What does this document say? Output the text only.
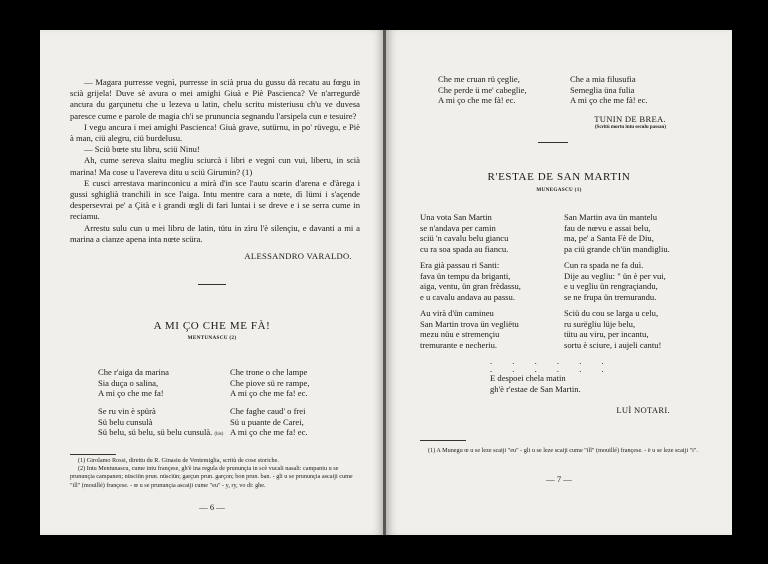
— Magara purresse vegnì, purresse in scià prua du gussu dà recatu au fœgu in scià grijela! Duve sè avura o mei amighi Giuà e Piè Pascienca? Ve n'arregurdè ancura du garçunetu che u lezeva u latin, chelu scritu misteriusu ch'u ve duvesa paresce cume e parole de magia ch'i se prununcia segnandu l'arsipela cun e tesuire?

I vegu ancura i mei amighi Pascienca! Giuà grave, sutürnu, in po' rüvegu, e Piè à man, ciü alegru, ciü burdelusu.

— Sciü bœte stu libru, sciü Ninu!

Ah, cume sereva slaitu megliu sciurcà i libri e vegnì cun vui, liberu, in scià marina! Ma cose u l'avereva ditu u sciü Girumin? (1)

E cusci arrestava marinconicu a mirà d'in sce l'autu scarin d'arena e d'àrega i gussi sghiglià tranchili in sce l'aiga. Intu mentre cara a nœte, dì lümi i s'açende despersevrai pe' a Çità e i grandi œgli di fari luntai i se dreve e i se serra cume in reciamu.

Arrestu sulu cun u mei libru de latin, tütu in zìru l'è silençiu, e davanti a mi a marina a cianze apena inta nœte scüra.

ALESSANDRO VARALDO.
A MI ÇO CHE ME FÀ!
MENTUNASCU (2)
Che r'aiga da marina
Sia duça o salina,
A mi ço che me fa!
Che trone o che lampe
Che piove sü re rampe,
A mi ço che me fa! ec.
Se ru vin è spürà
Sü belu cunsulà
Sü belu, sü belu, sü belu cunsulà. (bis)
Che faghe caud' o frei
Sü u puante de Carei,
A mi ço che me fa! ec.

(1) Girolamo Rossi, direttu du R. Ginasiu de Ventemiglia, scritù de cose storiche.

(2) Intu Mentunascu, cume intu françese, gh'è ina regula de prununçia in scè vucali nasali: campaniu u se prununçia campanen; nüsciün prun. nüsciün; garçun prun. garçon; bon prun. ban. - gli u se prununçia ascaiji cume "ill" (mouillé) françese. - œ u se prununçia ascaiji cume "eu" - y, ry, vo di: ghe.

— 6 —
Che me cruan rü çeglie,
Che perde ü me' cabeglie,
A mi ço che me fà! ec.
Che a mia filusufia
Semeglia üna fulia
A mi ço che me fà! ec.
TUNIN DE BREA.
(Scritù mortu intu seculu passau)
R'ESTAE DE SAN MARTIN
MUNEGASCU (1)
Una vota San Martin
se n'andava per camin
sciü 'n cavalu belu giancu
cu ra soa spada au fiancu.
San Martin ava ün mantelu
fau de nœvu e assai belu,
ma, pe' a Santa Fè de Diu,
pa ciü grande ch'ün mandigliu.
Era già passau ri Santi:
fava ün tempu da briganti,
aiga, ventu, ün gran frèdassu,
e u cavalu andava au passu.
Cun ra spada ne fa duì.
Dije au vegliu: " ün è per vui,
e u vegliu ün rengraçiandu,
se ne frupa ün tremurandu.
Au virà d'ün camineu
San Martin trova ün vegliëtu
mezu nüu e stremençiu
tremurante e necheriu.
Sciü du cou se larga u celu,
ru surëgliu lüje belu,
tütu au viru, per incantu,
sortu è sciure, i aujeli cantu!
. . . . . .
. . . . . .
E despoei chela matin
gh'è r'estae de San Martin.
LUÌ NOTARI.

(1) A Munegu œ u se leze scaiji "eu" - gli u se leze scaiji cume "ill" (mouillé) françese. - ë u se leze scaiji "i".

— 7 —
